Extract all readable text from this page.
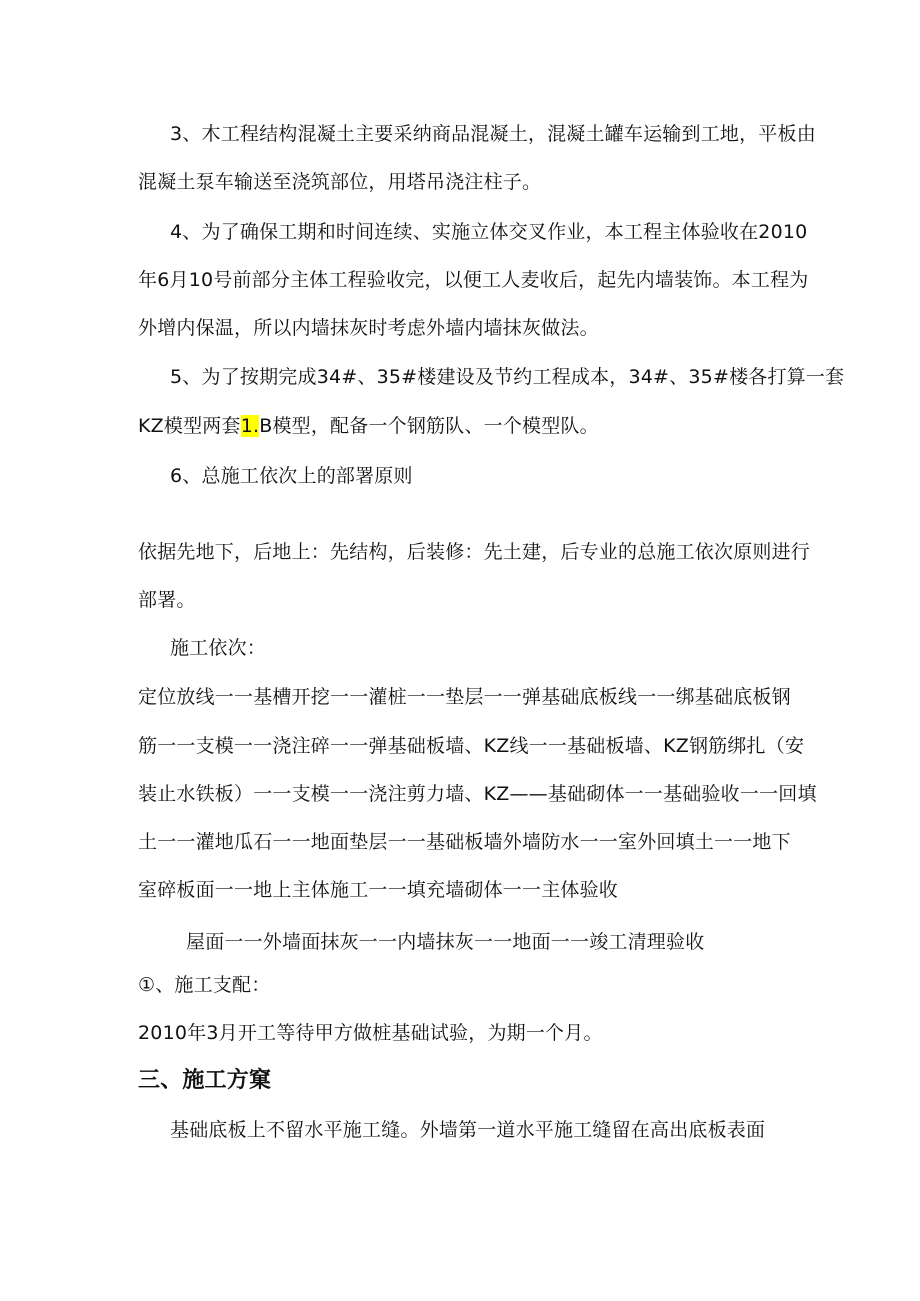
3、木工程结构混凝土主要采纳商品混凝土，混凝土罐车运输到工地，平板由

混凝土泵车输送至浇筑部位，用塔吊浇注柱子。

4、为了确保工期和时间连续、实施立体交叉作业，本工程主体验收在2010

年6月10号前部分主体工程验收完，以便工人麦收后，起先内墙装饰。本工程为

外增内保温，所以内墙抹灰时考虑外墙内墙抹灰做法。

5、为了按期完成34#、35#楼建设及节约工程成本，34#、35#楼各打算一套

KZ模型两套1.B模型，配备一个钢筋队、一个模型队。

6、总施工依次上的部署原则

依据先地下，后地上：先结构，后装修：先土建，后专业的总施工依次原则进行

部署。

施工依次：

定位放线一一基槽开挖一一灌桩一一垫层一一弹基础底板线一一绑基础底板钢

筋一一支模一一浇注碎一一弹基础板墙、KZ线一一基础板墙、KZ钢筋绑扎（安

装止水铁板）一一支模一一浇注剪力墙、KZ——基础砌体一一基础验收一一回填

土一一灌地瓜石一一地面垫层一一基础板墙外墙防水一一室外回填土一一地下

室碎板面一一地上主体施工一一填充墙砌体一一主体验收

屋面一一外墙面抹灰一一内墙抹灰一一地面一一竣工清理验收

①、施工支配：

2010年3月开工等待甲方做桩基础试验，为期一个月。

三、施工方窠

基础底板上不留水平施工缝。外墙第一道水平施工缝留在高出底板表面
